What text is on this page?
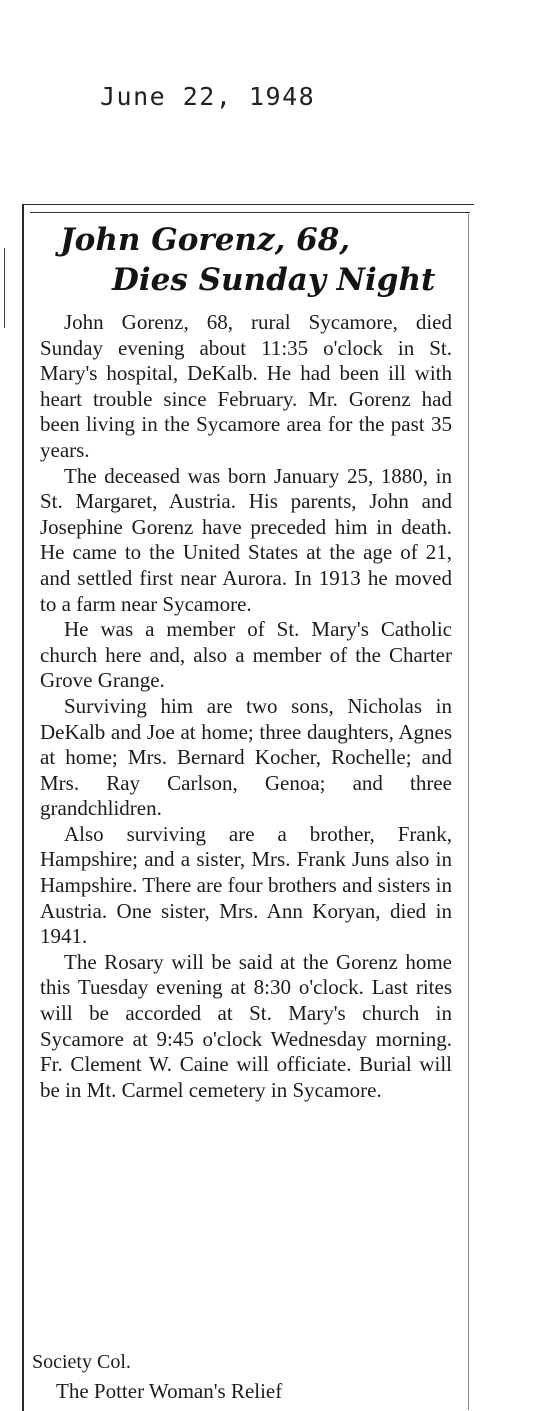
June 22, 1948
John Gorenz, 68,
Dies Sunday Night

John Gorenz, 68, rural Sycamore, died Sunday evening about 11:35 o'clock in St. Mary's hospital, DeKalb. He had been ill with heart trouble since February. Mr. Gorenz had been living in the Sycamore area for the past 35 years.

The deceased was born January 25, 1880, in St. Margaret, Austria. His parents, John and Josephine Gorenz have preceded him in death. He came to the United States at the age of 21, and settled first near Aurora. In 1913 he moved to a farm near Sycamore.

He was a member of St. Mary's Catholic church here and, also a member of the Charter Grove Grange.

Surviving him are two sons, Nicholas in DeKalb and Joe at home; three daughters, Agnes at home; Mrs. Bernard Kocher, Rochelle; and Mrs. Ray Carlson, Genoa; and three grandchlidren.

Also surviving are a brother, Frank, Hampshire; and a sister, Mrs. Frank Juns also in Hampshire. There are four brothers and sisters in Austria. One sister, Mrs. Ann Koryan, died in 1941.

The Rosary will be said at the Gorenz home this Tuesday evening at 8:30 o'clock. Last rites will be accorded at St. Mary's church in Sycamore at 9:45 o'clock Wednesday morning. Fr. Clement W. Caine will officiate. Burial will be in Mt. Carmel cemetery in Sycamore.

Society Col.
The Potter Woman's Relief
